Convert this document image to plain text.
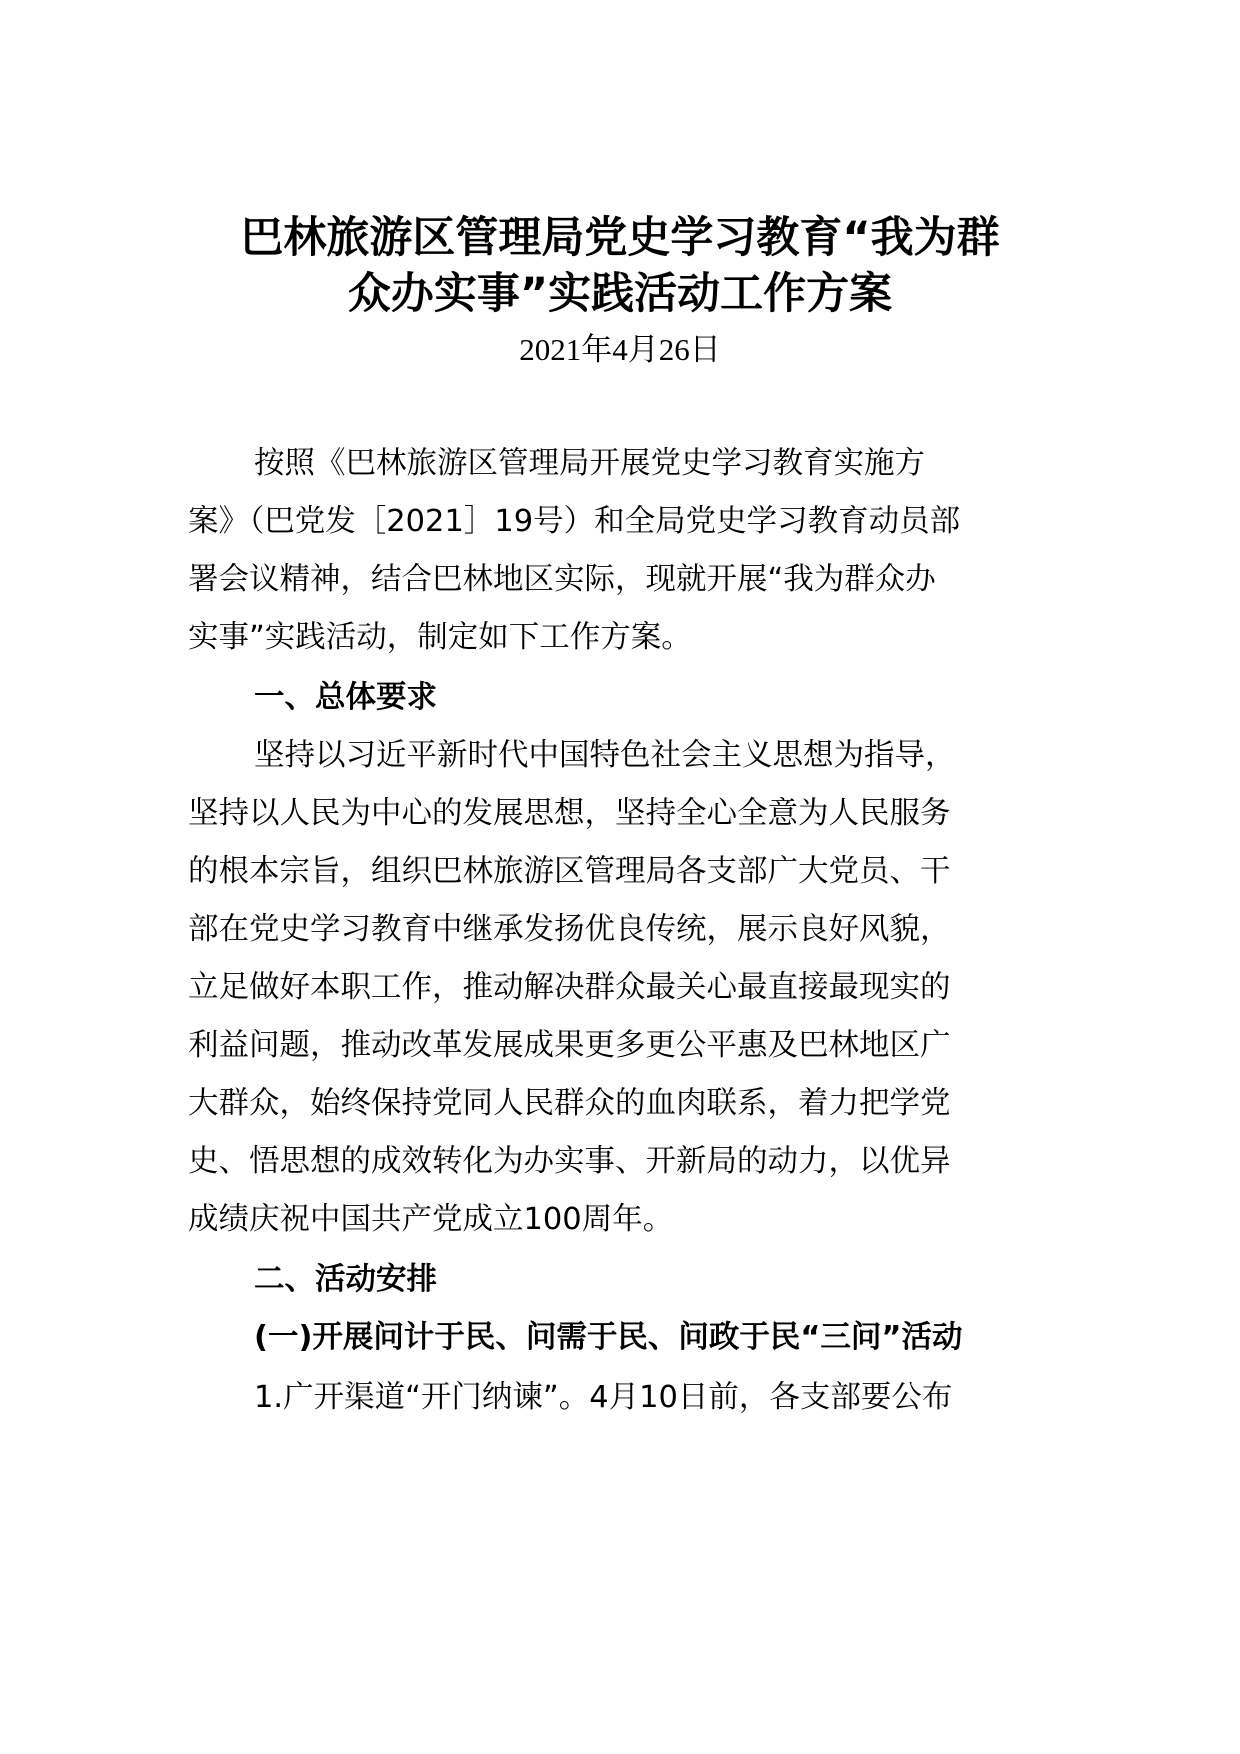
巴林旅游区管理局党史学习教育“我为群
众办实事”实践活动工作方案
2021年4月26日
按照《巴林旅游区管理局开展党史学习教育实施方
案》（巴党发［2021］19号）和全局党史学习教育动员部
署会议精神，结合巴林地区实际，现就开展“我为群众办
实事”实践活动，制定如下工作方案。
一、总体要求
坚持以习近平新时代中国特色社会主义思想为指导，
坚持以人民为中心的发展思想，坚持全心全意为人民服务
的根本宗旨，组织巴林旅游区管理局各支部广大党员、干
部在党史学习教育中继承发扬优良传统，展示良好风貌，
立足做好本职工作，推动解决群众最关心最直接最现实的
利益问题，推动改革发展成果更多更公平惠及巴林地区广
大群众，始终保持党同人民群众的血肉联系，着力把学党
史、悟思想的成效转化为办实事、开新局的动力，以优异
成绩庆祝中国共产党成立100周年。
二、活动安排
(一)开展问计于民、问需于民、问政于民“三问”活动
1.广开渠道“开门纳谏”。4月10日前，各支部要公布
